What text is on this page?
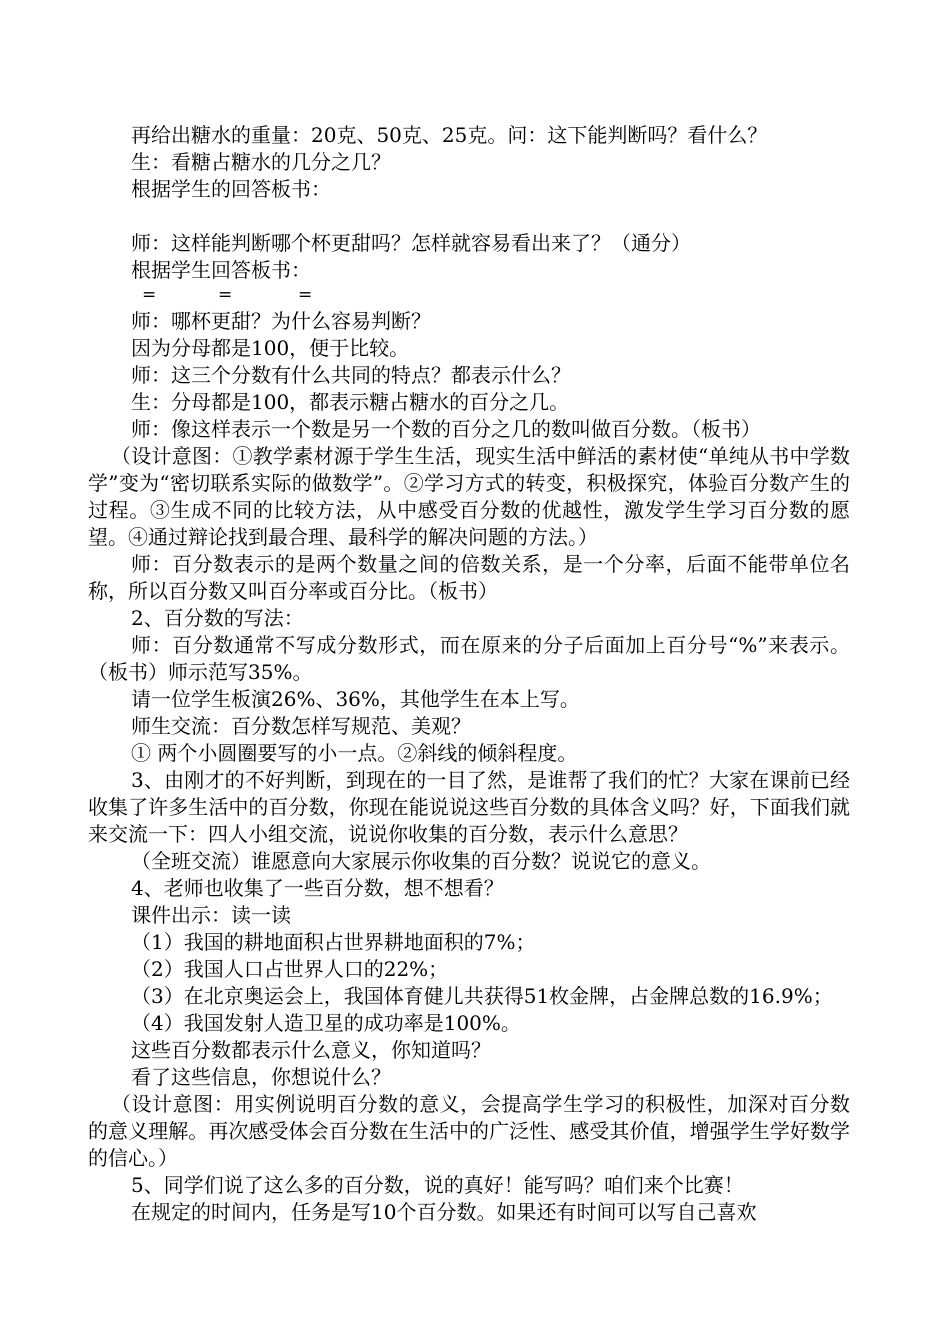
再给出糖水的重量：20克、50克、25克。问：这下能判断吗？看什么？

生：看糖占糖水的几分之几？

根据学生的回答板书：

师：这样能判断哪个杯更甜吗？怎样就容易看出来了？（通分）

根据学生回答板书：

=	=	=

师：哪杯更甜？为什么容易判断？

因为分母都是100，便于比较。

师：这三个分数有什么共同的特点？都表示什么？

生：分母都是100，都表示糖占糖水的百分之几。

师：像这样表示一个数是另一个数的百分之几的数叫做百分数。（板书）

（设计意图：①教学素材源于学生生活，现实生活中鲜活的素材使“单纯从书中学数学”变为“密切联系实际的做数学”。②学习方式的转变，积极探究，体验百分数产生的过程。③生成不同的比较方法，从中感受百分数的优越性，激发学生学习百分数的愿望。④通过辩论找到最合理、最科学的解决问题的方法。）

师：百分数表示的是两个数量之间的倍数关系，是一个分率，后面不能带单位名称，所以百分数又叫百分率或百分比。（板书）

2、百分数的写法：

师：百分数通常不写成分数形式，而在原来的分子后面加上百分号“%”来表示。（板书）师示范写35%。

请一位学生板演26%、36%，其他学生在本上写。

师生交流：百分数怎样写规范、美观？

① 两个小圆圈要写的小一点。②斜线的倾斜程度。

3、由刚才的不好判断，到现在的一目了然，是谁帮了我们的忙？大家在课前已经收集了许多生活中的百分数，你现在能说说这些百分数的具体含义吗？好，下面我们就来交流一下：四人小组交流，说说你收集的百分数，表示什么意思？

（全班交流）谁愿意向大家展示你收集的百分数？说说它的意义。

4、老师也收集了一些百分数，想不想看？

课件出示：读一读

（1）我国的耕地面积占世界耕地面积的7%；

（2）我国人口占世界人口的22%；

（3）在北京奥运会上，我国体育健儿共获得51枚金牌，占金牌总数的16.9%；

（4）我国发射人造卫星的成功率是100%。

这些百分数都表示什么意义，你知道吗？

看了这些信息，你想说什么？

（设计意图：用实例说明百分数的意义，会提高学生学习的积极性，加深对百分数的意义理解。再次感受体会百分数在生活中的广泛性、感受其价值，增强学生学好数学的信心。）

5、同学们说了这么多的百分数，说的真好！能写吗？咱们来个比赛！

在规定的时间内，任务是写10个百分数。如果还有时间可以写自己喜欢
